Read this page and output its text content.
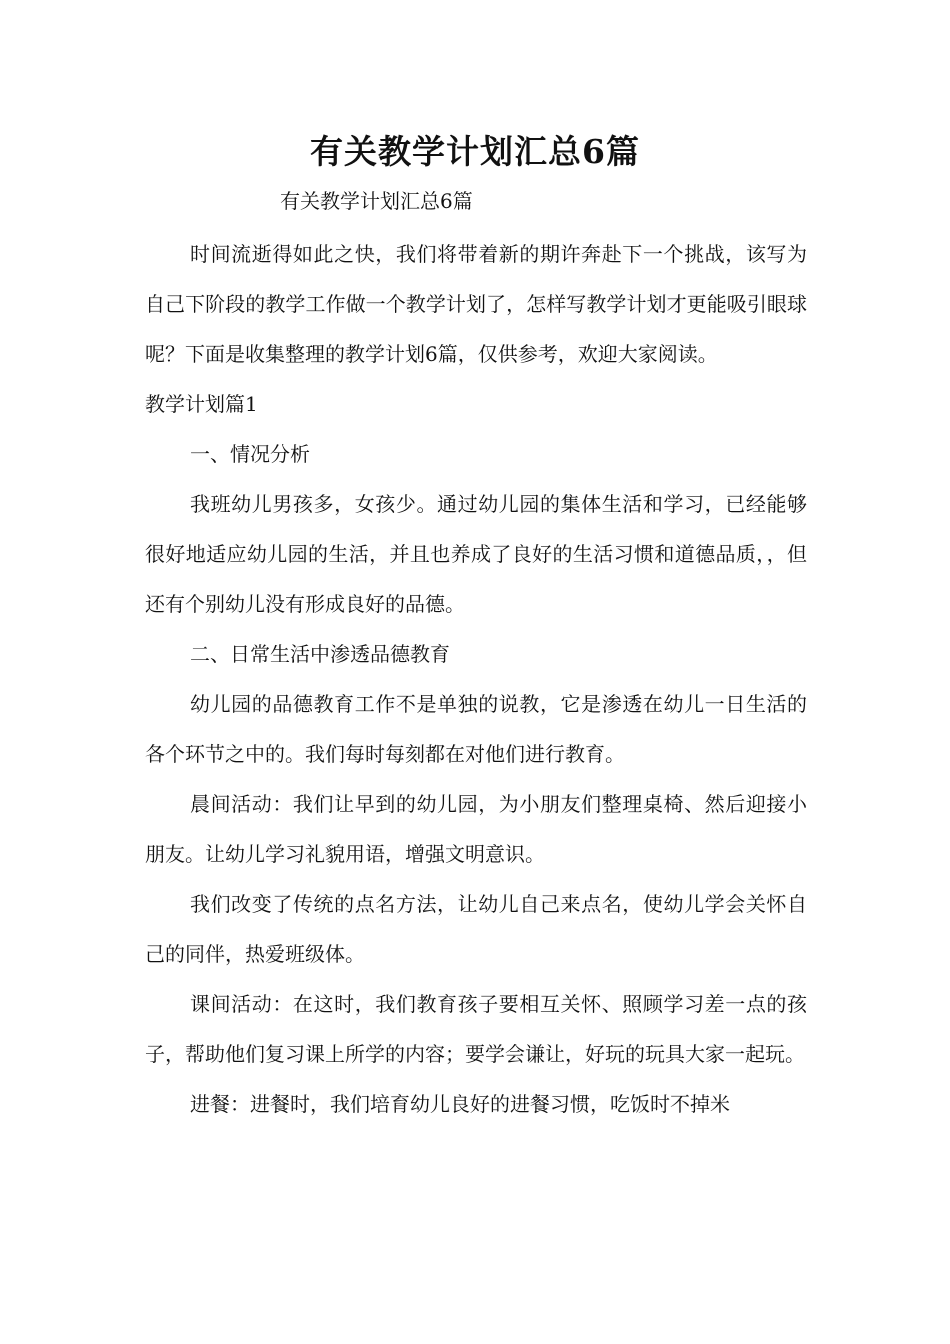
有关教学计划汇总6篇
有关教学计划汇总6篇

时间流逝得如此之快，我们将带着新的期许奔赴下一个挑战，该写为自己下阶段的教学工作做一个教学计划了，怎样写教学计划才更能吸引眼球呢？下面是收集整理的教学计划6篇，仅供参考，欢迎大家阅读。

教学计划篇1

一、情况分析

我班幼儿男孩多，女孩少。通过幼儿园的集体生活和学习，已经能够很好地适应幼儿园的生活，并且也养成了良好的生活习惯和道德品质，，但还有个别幼儿没有形成良好的品德。

二、日常生活中渗透品德教育

幼儿园的品德教育工作不是单独的说教，它是渗透在幼儿一日生活的各个环节之中的。我们每时每刻都在对他们进行教育。

晨间活动：我们让早到的幼儿园，为小朋友们整理桌椅、然后迎接小朋友。让幼儿学习礼貌用语，增强文明意识。

我们改变了传统的点名方法，让幼儿自己来点名，使幼儿学会关怀自己的同伴，热爱班级体。

课间活动：在这时，我们教育孩子要相互关怀、照顾学习差一点的孩子，帮助他们复习课上所学的内容；要学会谦让，好玩的玩具大家一起玩。

进餐：进餐时，我们培育幼儿良好的进餐习惯，吃饭时不掉米
